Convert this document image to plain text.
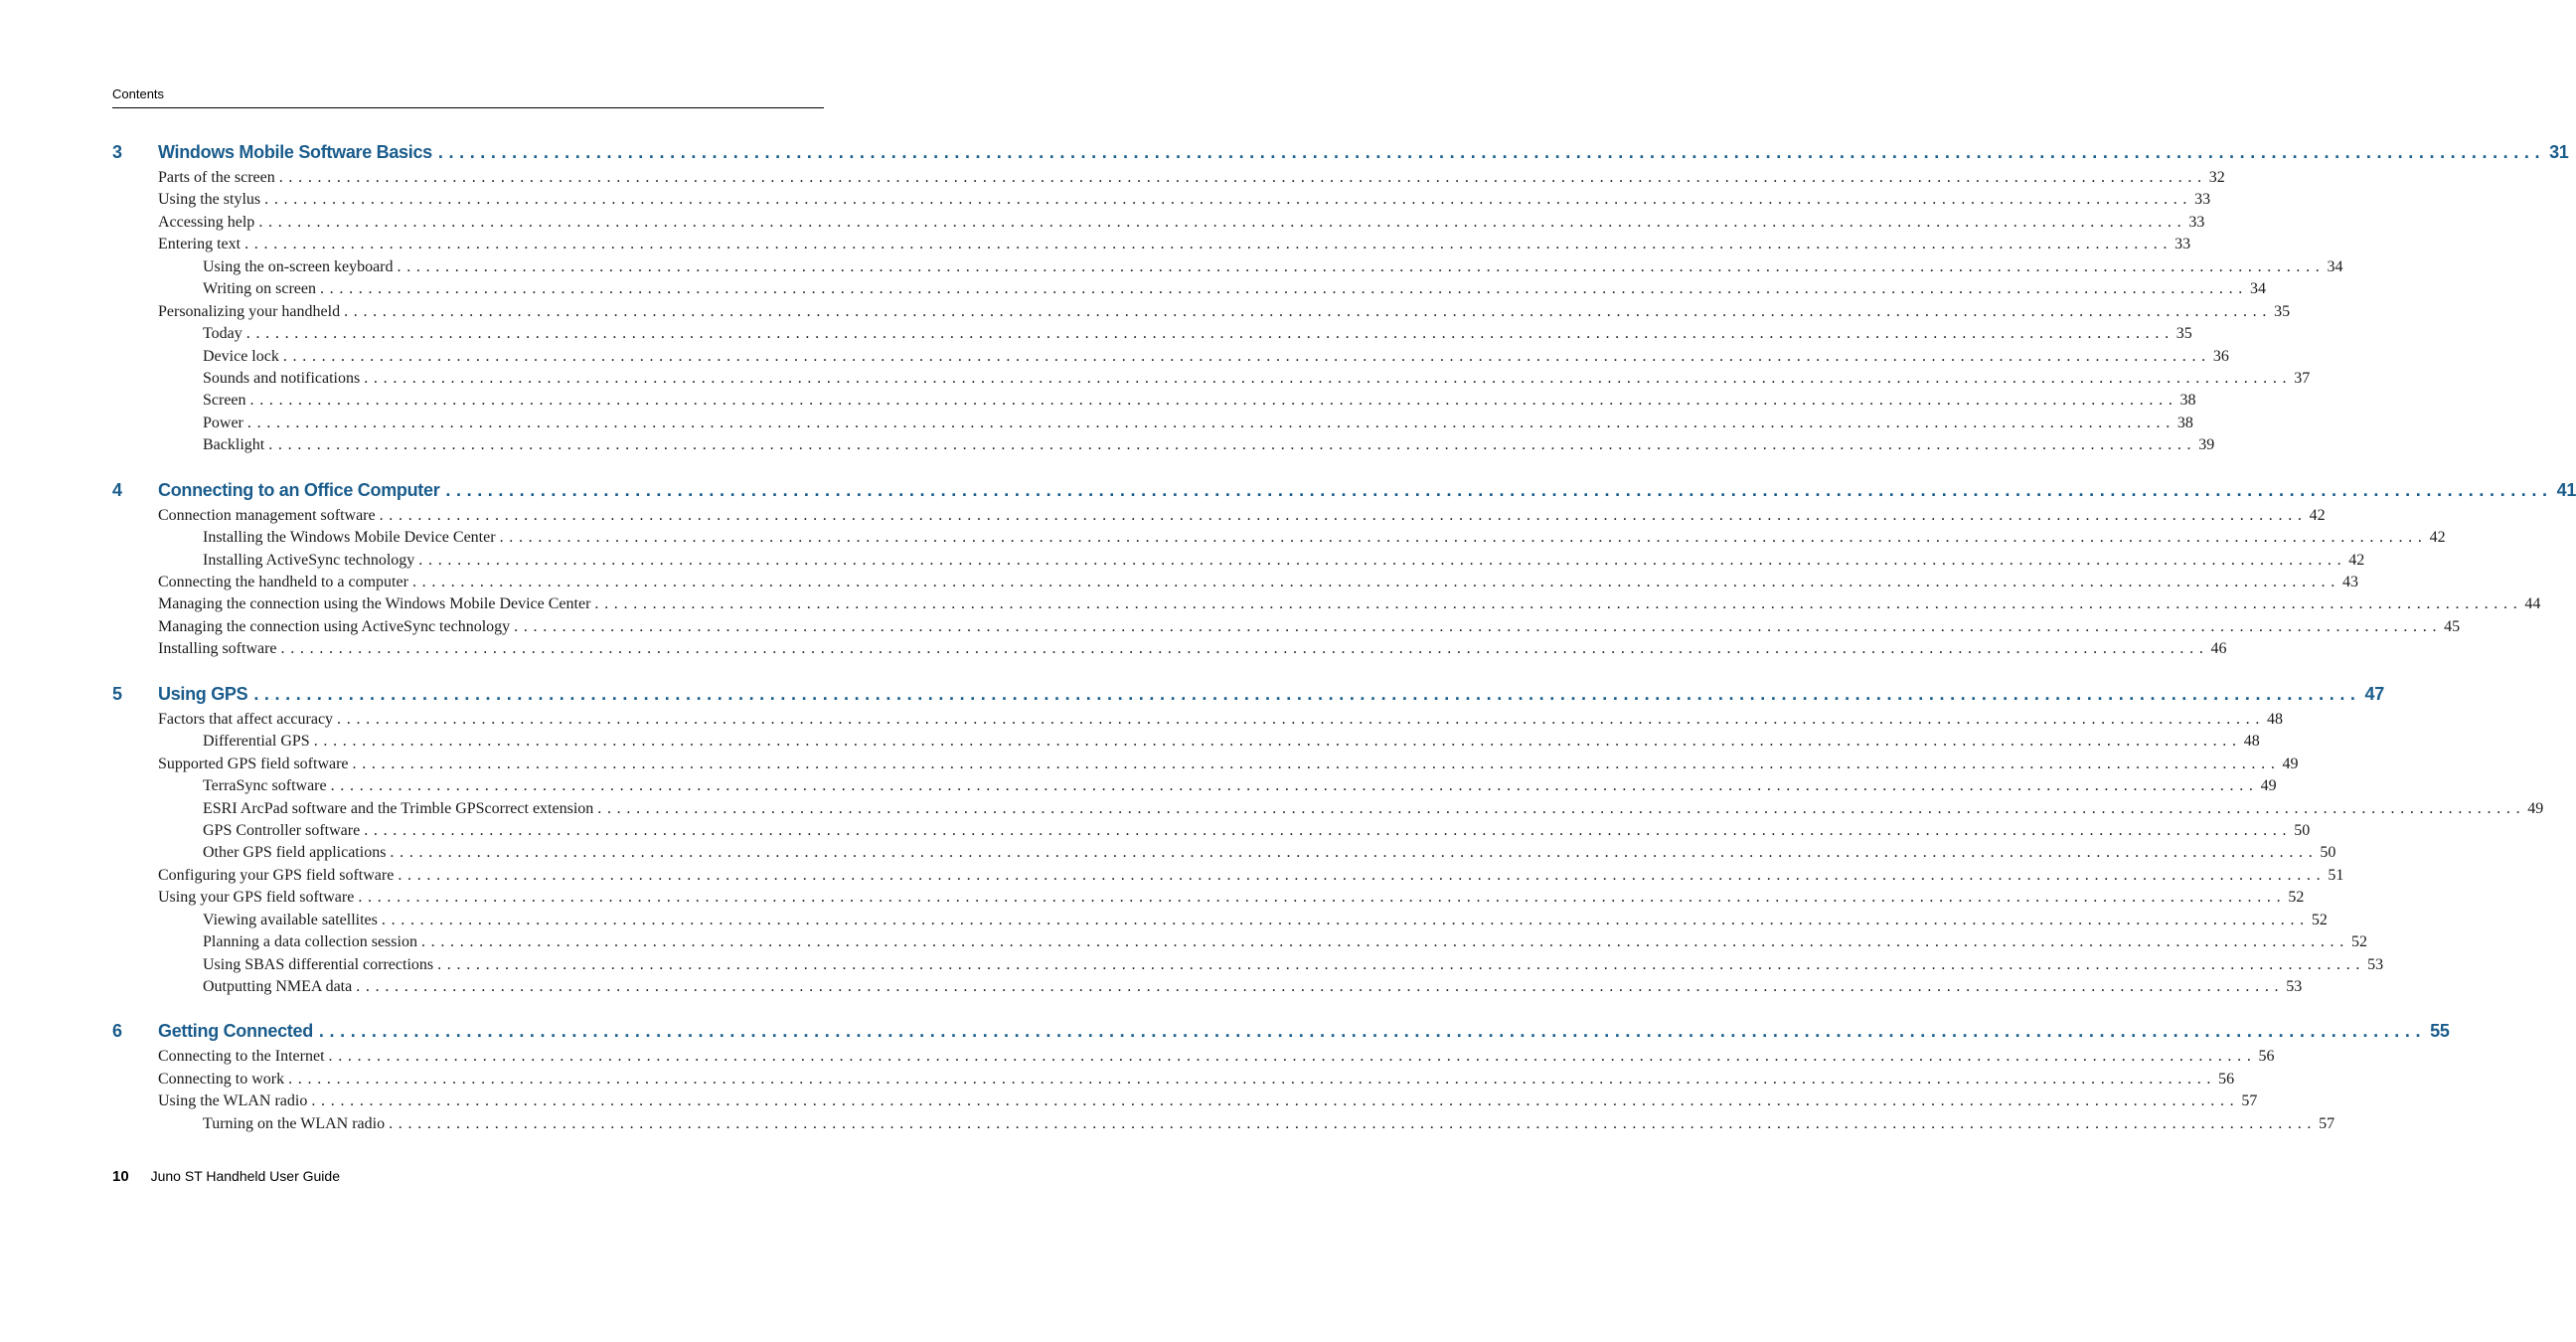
Contents
3 Windows Mobile Software Basics ........................................................................................................................................................................................................ 31
Parts of the screen ........................................................................................................................................................................................................ 32
Using the stylus ........................................................................................................................................................................................................ 33
Accessing help ........................................................................................................................................................................................................ 33
Entering text ........................................................................................................................................................................................................ 33
Using the on-screen keyboard ........................................................................................................................................................................................................ 34
Writing on screen ........................................................................................................................................................................................................ 34
Personalizing your handheld ........................................................................................................................................................................................................ 35
Today ........................................................................................................................................................................................................ 35
Device lock ........................................................................................................................................................................................................ 36
Sounds and notifications ........................................................................................................................................................................................................ 37
Screen ........................................................................................................................................................................................................ 38
Power ........................................................................................................................................................................................................ 38
Backlight ........................................................................................................................................................................................................ 39
4 Connecting to an Office Computer ........................................................................................................................................................................................................ 41
Connection management software ........................................................................................................................................................................................................ 42
Installing the Windows Mobile Device Center ........................................................................................................................................................................................................ 42
Installing ActiveSync technology ........................................................................................................................................................................................................ 42
Connecting the handheld to a computer ........................................................................................................................................................................................................ 43
Managing the connection using the Windows Mobile Device Center ........................................................................................................................................................................................................ 44
Managing the connection using ActiveSync technology ........................................................................................................................................................................................................ 45
Installing software ........................................................................................................................................................................................................ 46
5 Using GPS ........................................................................................................................................................................................................ 47
Factors that affect accuracy ........................................................................................................................................................................................................ 48
Differential GPS ........................................................................................................................................................................................................ 48
Supported GPS field software ........................................................................................................................................................................................................ 49
TerraSync software ........................................................................................................................................................................................................ 49
ESRI ArcPad software and the Trimble GPScorrect extension ........................................................................................................................................................................................................ 49
GPS Controller software ........................................................................................................................................................................................................ 50
Other GPS field applications ........................................................................................................................................................................................................ 50
Configuring your GPS field software ........................................................................................................................................................................................................ 51
Using your GPS field software ........................................................................................................................................................................................................ 52
Viewing available satellites ........................................................................................................................................................................................................ 52
Planning a data collection session ........................................................................................................................................................................................................ 52
Using SBAS differential corrections ........................................................................................................................................................................................................ 53
Outputting NMEA data ........................................................................................................................................................................................................ 53
6 Getting Connected ........................................................................................................................................................................................................ 55
Connecting to the Internet ........................................................................................................................................................................................................ 56
Connecting to work ........................................................................................................................................................................................................ 56
Using the WLAN radio ........................................................................................................................................................................................................ 57
Turning on the WLAN radio ........................................................................................................................................................................................................ 57
10 Juno ST Handheld User Guide
